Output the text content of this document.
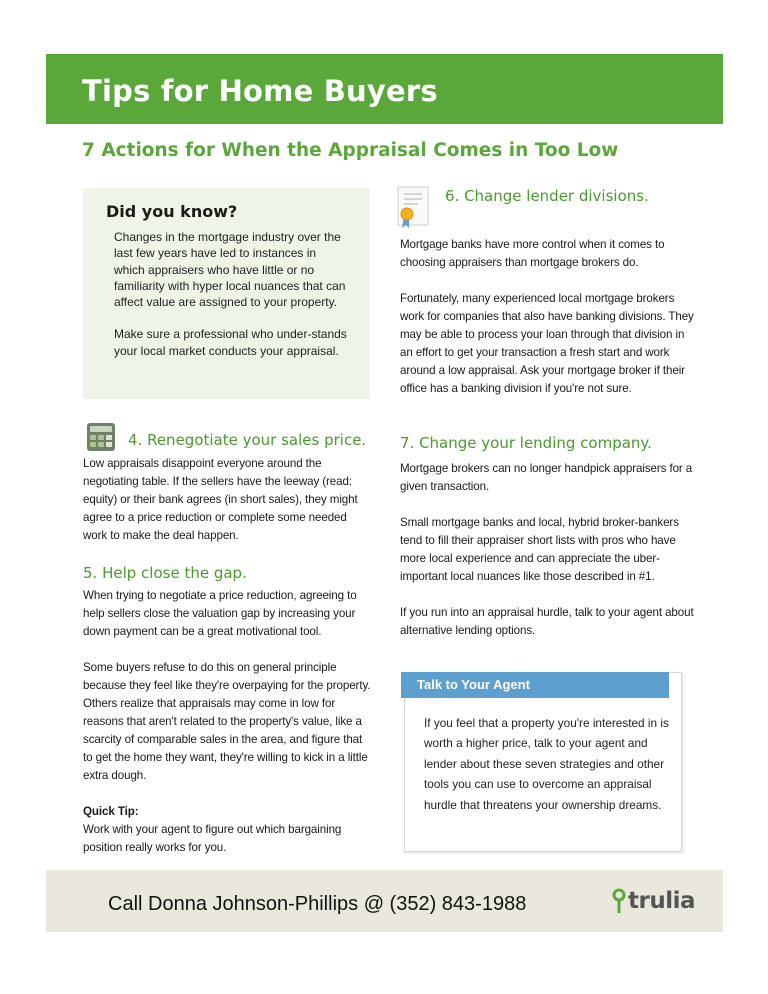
Tips for Home Buyers
7 Actions for When the Appraisal Comes in Too Low
Did you know?

Changes in the mortgage industry over the last few years have led to instances in which appraisers who have little or no familiarity with hyper local nuances that can affect value are assigned to your property.

Make sure a professional who under-stands your local market conducts your appraisal.

4. Renegotiate your sales price.

Low appraisals disappoint everyone around the negotiating table. If the sellers have the leeway (read: equity) or their bank agrees (in short sales), they might agree to a price reduction or complete some needed work to make the deal happen.

5. Help close the gap.

When trying to negotiate a price reduction, agreeing to help sellers close the valuation gap by increasing your down payment can be a great motivational tool.

Some buyers refuse to do this on general principle because they feel like they're overpaying for the property. Others realize that appraisals may come in low for reasons that aren't related to the property's value, like a scarcity of comparable sales in the area, and figure that to get the home they want, they're willing to kick in a little extra dough.

Quick Tip:
Work with your agent to figure out which bargaining position really works for you.

6. Change lender divisions.

Mortgage banks have more control when it comes to choosing appraisers than mortgage brokers do.

Fortunately, many experienced local mortgage brokers work for companies that also have banking divisions. They may be able to process your loan through that division in an effort to get your transaction a fresh start and work around a low appraisal. Ask your mortgage broker if their office has a banking division if you're not sure.

7. Change your lending company.

Mortgage brokers can no longer handpick appraisers for a given transaction.

Small mortgage banks and local, hybrid broker-bankers tend to fill their appraiser short lists with pros who have more local experience and can appreciate the uber-important local nuances like those described in #1.

If you run into an appraisal hurdle, talk to your agent about alternative lending options.

Talk to Your Agent
If you feel that a property you're interested in is worth a higher price, talk to your agent and lender about these seven strategies and other tools you can use to overcome an appraisal hurdle that threatens your ownership dreams.
Call Donna Johnson-Phillips @ (352) 843-1988	trulia
